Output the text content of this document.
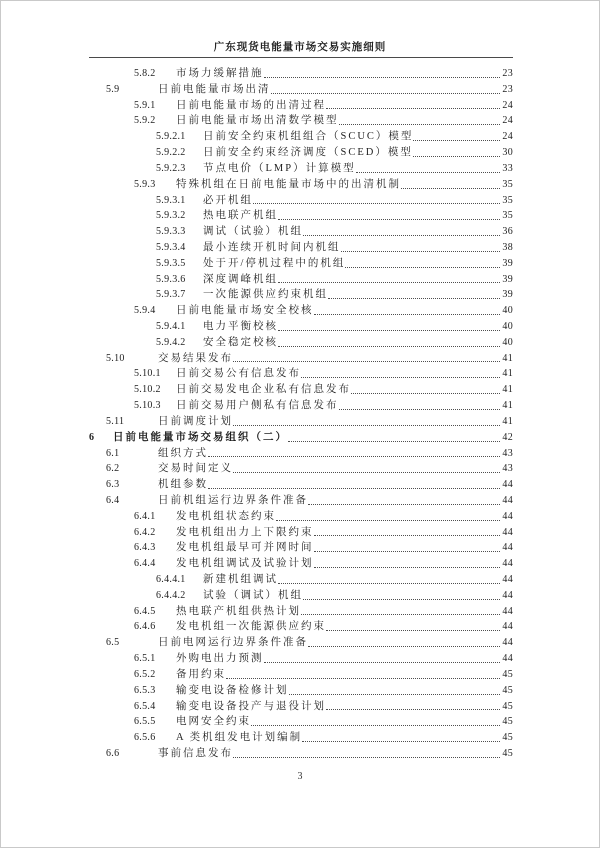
广东现货电能量市场交易实施细则
5.8.2	市场力缓解措施	23
5.9	日前电能量市场出清	23
5.9.1	日前电能量市场的出清过程	24
5.9.2	日前电能量市场出清数学模型	24
5.9.2.1	日前安全约束机组组合（SCUC）模型	24
5.9.2.2	日前安全约束经济调度（SCED）模型	30
5.9.2.3	节点电价（LMP）计算模型	33
5.9.3	特殊机组在日前电能量市场中的出清机制	35
5.9.3.1	必开机组	35
5.9.3.2	热电联产机组	35
5.9.3.3	调试（试验）机组	36
5.9.3.4	最小连续开机时间内机组	38
5.9.3.5	处于开/停机过程中的机组	39
5.9.3.6	深度调峰机组	39
5.9.3.7	一次能源供应约束机组	39
5.9.4	日前电能量市场安全校核	40
5.9.4.1	电力平衡校核	40
5.9.4.2	安全稳定校核	40
5.10	交易结果发布	41
5.10.1	日前交易公有信息发布	41
5.10.2	日前交易发电企业私有信息发布	41
5.10.3	日前交易用户侧私有信息发布	41
5.11	日前调度计划	41
6	日前电能量市场交易组织（二）	42
6.1	组织方式	43
6.2	交易时间定义	43
6.3	机组参数	44
6.4	日前机组运行边界条件准备	44
6.4.1	发电机组状态约束	44
6.4.2	发电机组出力上下限约束	44
6.4.3	发电机组最早可并网时间	44
6.4.4	发电机组调试及试验计划	44
6.4.4.1	新建机组调试	44
6.4.4.2	试验（调试）机组	44
6.4.5	热电联产机组供热计划	44
6.4.6	发电机组一次能源供应约束	44
6.5	日前电网运行边界条件准备	44
6.5.1	外购电出力预测	44
6.5.2	备用约束	45
6.5.3	输变电设备检修计划	45
6.5.4	输变电设备投产与退役计划	45
6.5.5	电网安全约束	45
6.5.6	A 类机组发电计划编制	45
6.6	事前信息发布	45
3
